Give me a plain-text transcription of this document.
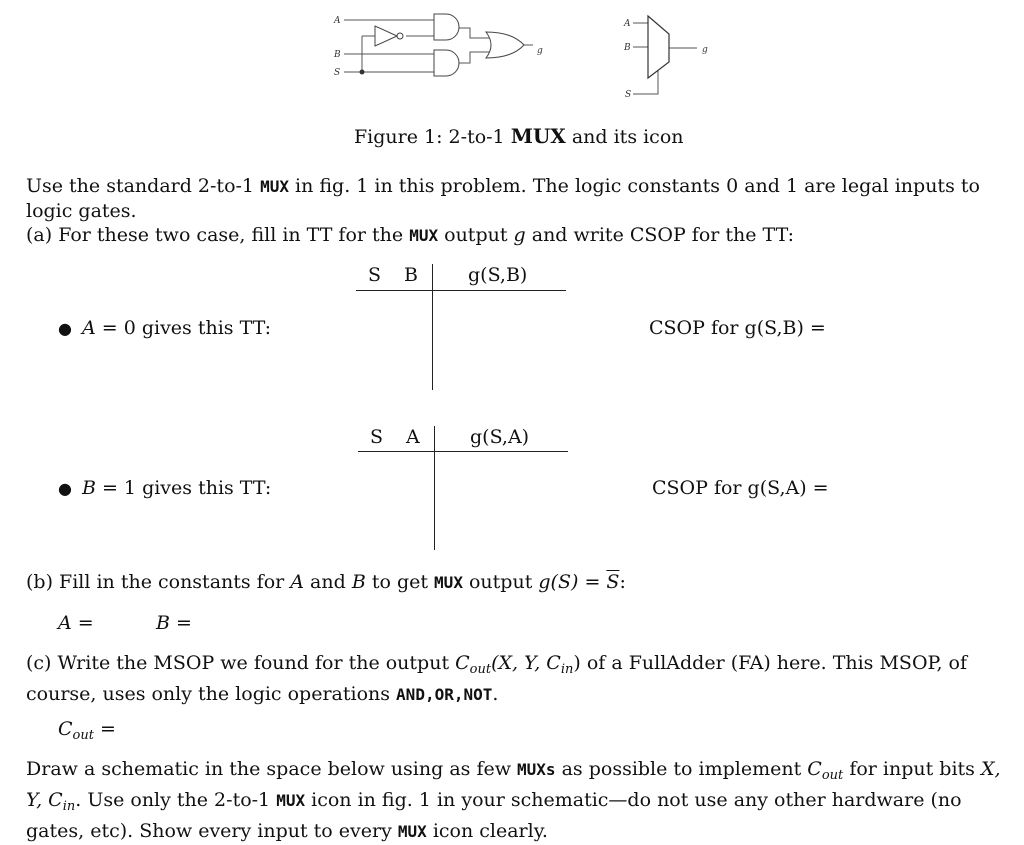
A
B
S
g
A
B
S
g
Figure 1: 2-to-1 MUX and its icon
Use the standard 2-to-1 MUX in fig. 1 in this problem. The logic constants 0 and 1 are legal inputs to logic gates.
(a) For these two case, fill in TT for the MUX output g and write CSOP for the TT:
S B	g(S,B)
● A = 0 gives this TT:	CSOP for g(S,B) =
S A	g(S,A)
● B = 1 gives this TT:	CSOP for g(S,A) =
(b) Fill in the constants for A and B to get MUX output $g(S) = \overline{S}$:
A =	B =
(c) Write the MSOP we found for the output $C_{out}(X$, Y, $C_{in}$) of a FullAdder (FA) here. This MSOP, of course, uses only the logic operations AND,OR,NOT.
$C_{out}$ =
Draw a schematic in the space below using as few MUXs as possible to implement $C_{out}$ for input bits X, Y, $C_{in}$. Use only the 2-to-1 MUX icon in fig. 1 in your schematic—do not use any other hardware (no gates, etc). Show every input to every MUX icon clearly.
